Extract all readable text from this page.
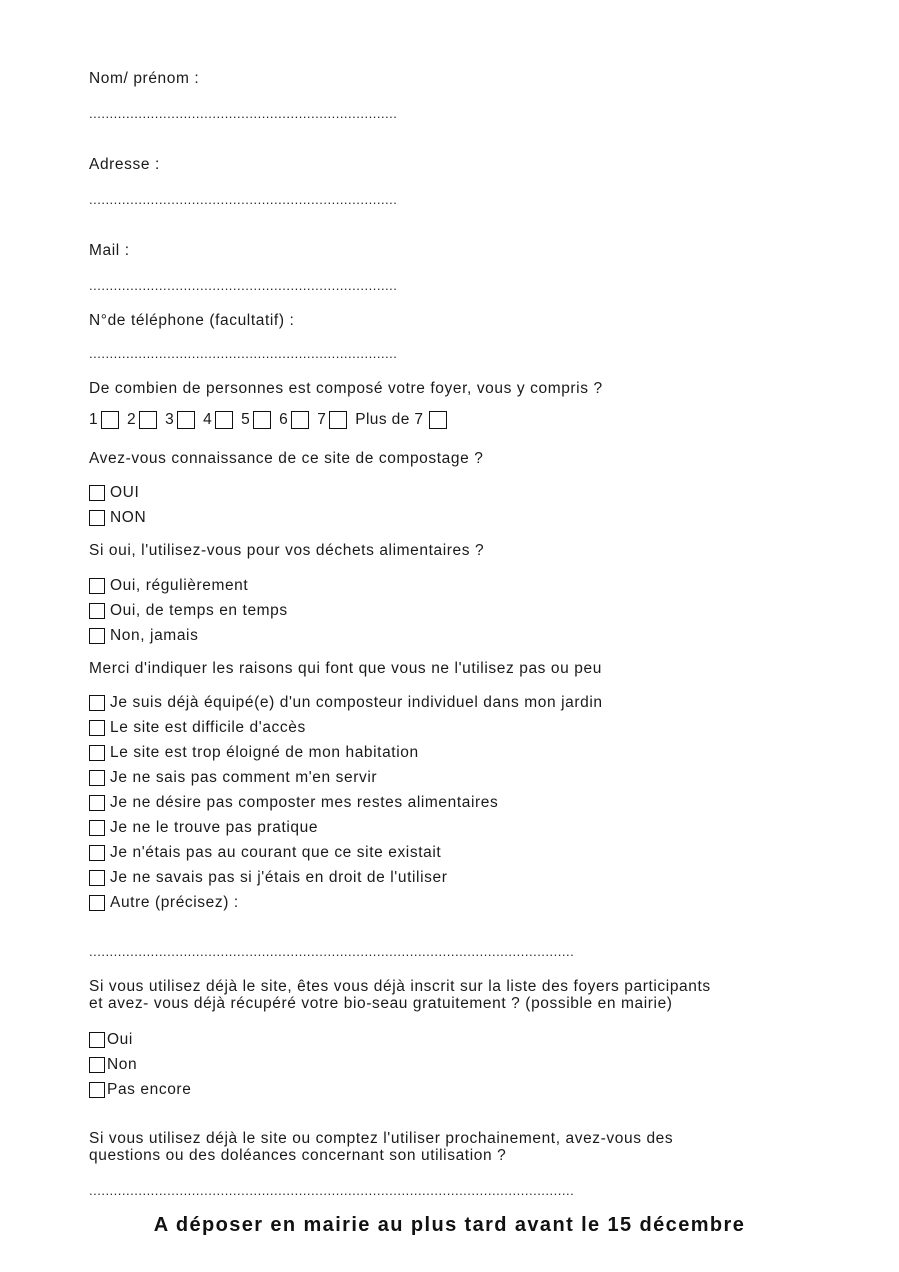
Nom/ prénom :
...........................................................................
Adresse :
...........................................................................
Mail :
...........................................................................
N°de téléphone (facultatif) :
...........................................................................
De combien de personnes est composé votre foyer, vous y compris ?
1 2 3 4 5 6 7 Plus de 7
Avez-vous connaissance de ce site de compostage ?
OUI
NON
Si oui, l'utilisez-vous pour vos déchets alimentaires ?
Oui, régulièrement
Oui, de temps en temps
Non, jamais
Merci d'indiquer les raisons qui font que vous ne l'utilisez pas ou peu
Je suis déjà équipé(e) d'un composteur individuel dans mon jardin
Le site est difficile d'accès
Le site est trop éloigné de mon habitation
Je ne sais pas comment m'en servir
Je ne désire pas composter mes restes alimentaires
Je ne le trouve pas pratique
Je n'étais pas au courant que ce site existait
Je ne savais pas si j'étais en droit de l'utiliser
Autre (précisez) :
......................................................................................................................
Si vous utilisez déjà le site, êtes vous déjà inscrit sur la liste des foyers participants
et avez- vous déjà récupéré votre bio-seau gratuitement ? (possible en mairie)
Oui
Non
Pas encore
Si vous utilisez déjà le site ou comptez l'utiliser prochainement, avez-vous des
questions ou des doléances concernant son utilisation ?
......................................................................................................................
A déposer en mairie au plus tard avant le 15 décembre
